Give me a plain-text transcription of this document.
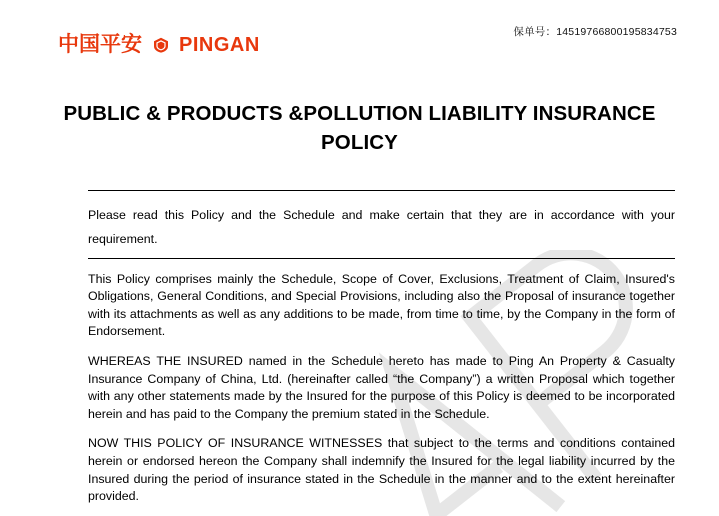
中国平安 PINGAN
保单号：14519766800195834753
PUBLIC & PRODUCTS &POLLUTION LIABILITY INSURANCE POLICY
Please read this Policy and the Schedule and make certain that they are in accordance with your requirement.

This Policy comprises mainly the Schedule, Scope of Cover, Exclusions, Treatment of Claim, Insured's Obligations, General Conditions, and Special Provisions, including also the Proposal of insurance together with its attachments as well as any additions to be made, from time to time, by the Company in the form of Endorsement.

WHEREAS THE INSURED named in the Schedule hereto has made to Ping An Property & Casualty Insurance Company of China, Ltd. (hereinafter called “the Company”) a written Proposal which together with any other statements made by the Insured for the purpose of this Policy is deemed to be incorporated herein and has paid to the Company the premium stated in the Schedule.

NOW THIS POLICY OF INSURANCE WITNESSES that subject to the terms and conditions contained herein or endorsed hereon the Company shall indemnify the Insured for the legal liability incurred by the Insured during the period of insurance stated in the Schedule in the manner and to the extent hereinafter provided.
